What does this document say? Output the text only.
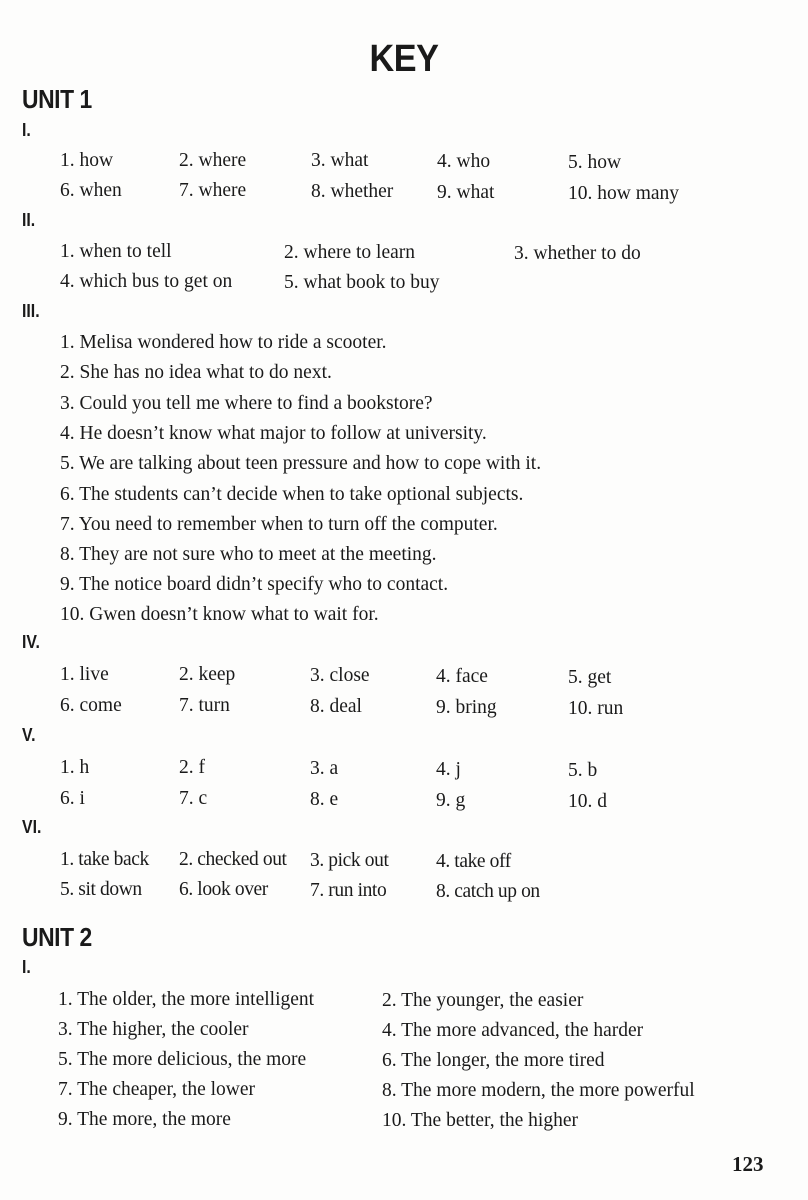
KEY
UNIT 1
I.
1. how	2. where	3. what	4. who	5. how
6. when	7. where	8. whether 9. what	10. how many
II.
1. when to tell	2. where to learn	3. whether to do
4. which bus to get on	5. what book to buy
III.
1. Melisa wondered how to ride a scooter.
2. She has no idea what to do next.
3. Could you tell me where to find a bookstore?
4. He doesn’t know what major to follow at university.
5. We are talking about teen pressure and how to cope with it.
6. The students can’t decide when to take optional subjects.
7. You need to remember when to turn off the computer.
8. They are not sure who to meet at the meeting.
9. The notice board didn’t specify who to contact.
10. Gwen doesn’t know what to wait for.
IV.
1. live	2. keep	3. close	4. face	5. get
6. come	7. turn	8. deal	9. bring	10. run
V.
1. h	2. f	3. a	4. j	5. b
6. i	7. c	8. e	9. g	10. d
VI.
1. take back 2. checked out 3. pick out 4. take off
5. sit down 6. look over 7. run into	8. catch up on
UNIT 2
I.
1. The older, the more intelligent	2. The younger, the easier
3. The higher, the cooler	4. The more advanced, the harder
5. The more delicious, the more	6. The longer, the more tired
7. The cheaper, the lower	8. The more modern, the more powerful
9. The more, the more	10. The better, the higher
123
